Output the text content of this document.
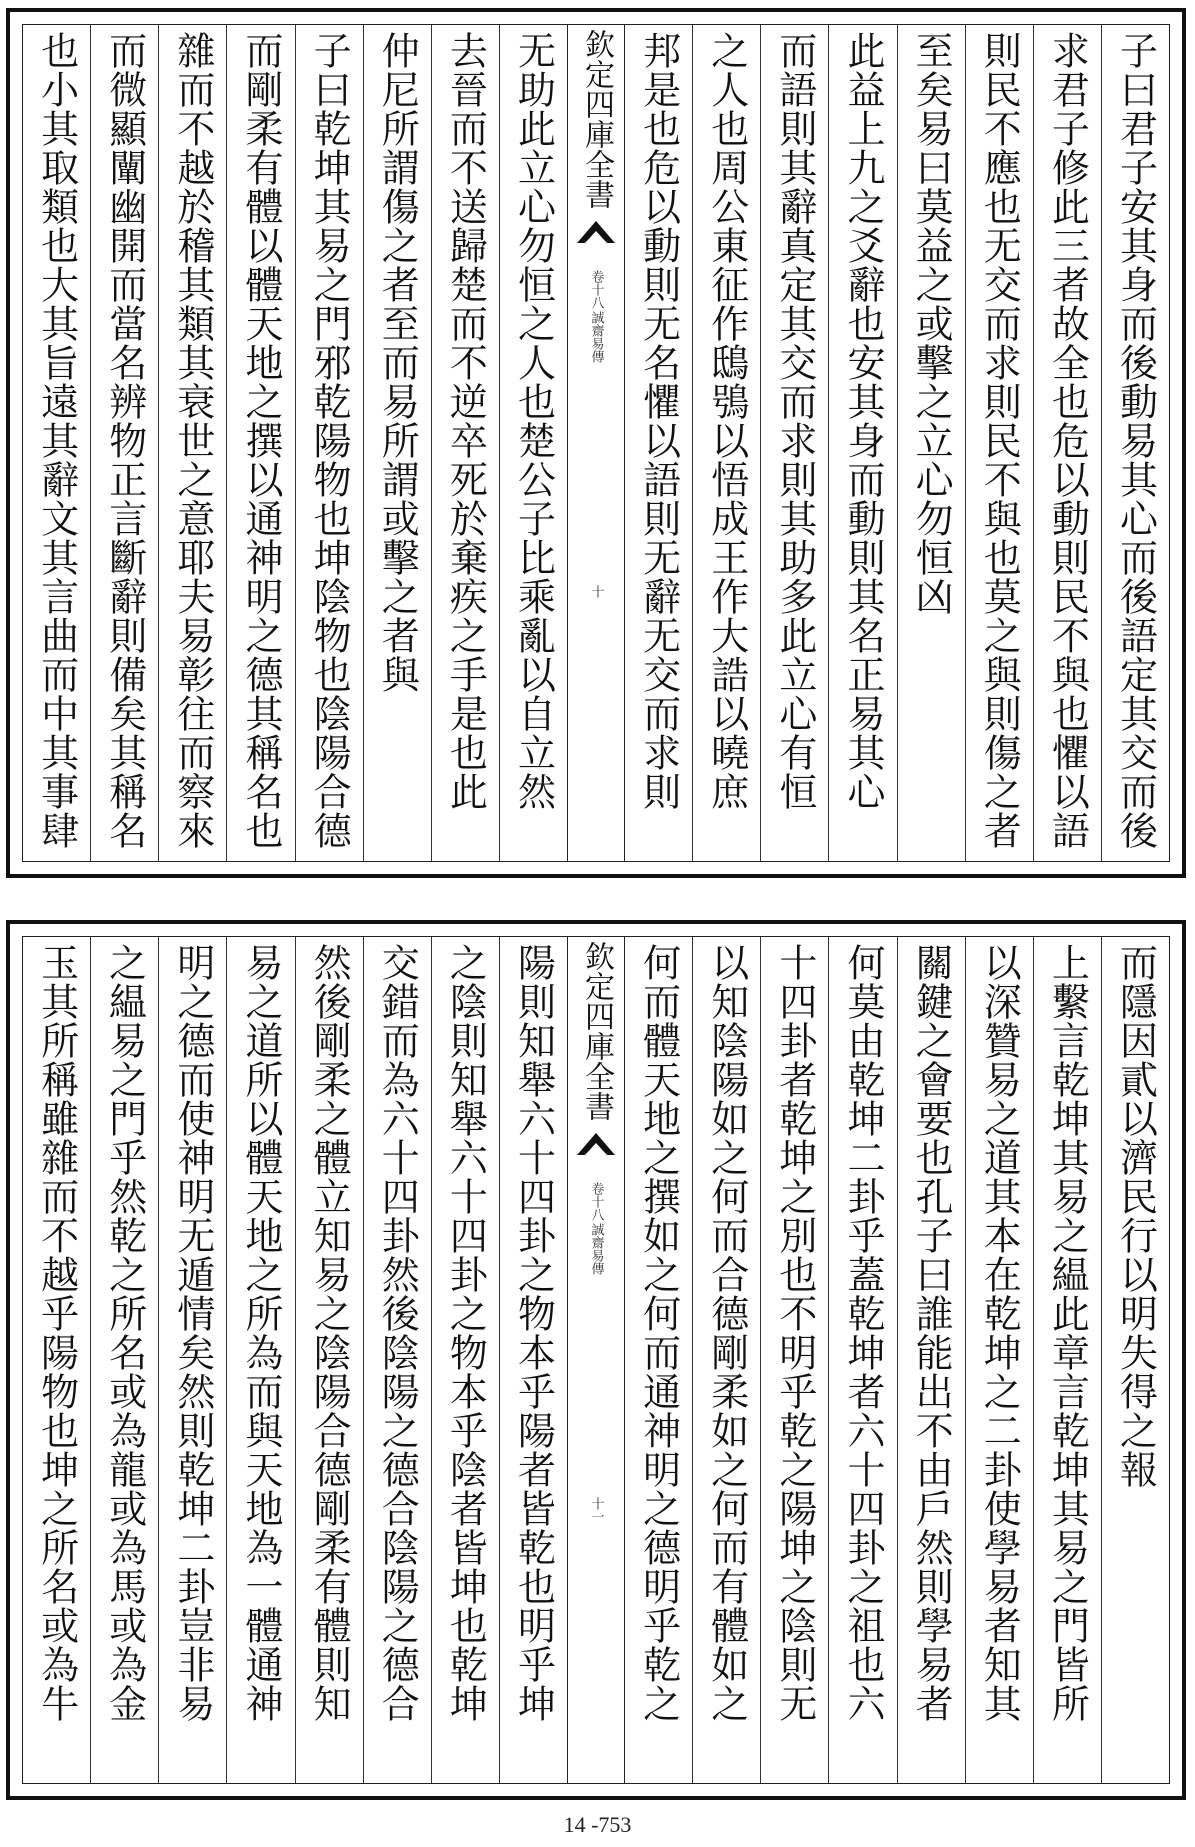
子曰君子安其身而後動易其心而後語定其交而後
求君子修此三者故全也危以動則民不與也懼以語
則民不應也无交而求則民不與也莫之與則傷之者
至矣易曰莫益之或擊之立心勿恒凶
此益上九之爻辭也安其身而動則其名正易其心
而語則其辭真定其交而求則其助多此立心有恒
之人也周公東征作鴟鴞以悟成王作大誥以曉庶
邦是也危以動則无名懼以語則无辭无交而求則
欽定四庫全書
誠齋易傳
卷十八
十
无助此立心勿恒之人也楚公子比乘亂以自立然
去晉而不送歸楚而不逆卒死於棄疾之手是也此
仲尼所謂傷之者至而易所謂或擊之者與
子曰乾坤其易之門邪乾陽物也坤陰物也陰陽合德
而剛柔有體以體天地之撰以通神明之德其稱名也
雜而不越於稽其類其衰世之意耶夫易彰往而察來
而微顯闡幽開而當名辨物正言斷辭則備矣其稱名
也小其取類也大其旨遠其辭文其言曲而中其事肆
而隱因貳以濟民行以明失得之報
上繫言乾坤其易之緼此章言乾坤其易之門皆所
以深贊易之道其本在乾坤之二卦使學易者知其
關鍵之會要也孔子曰誰能出不由戶然則學易者
何莫由乾坤二卦乎蓋乾坤者六十四卦之祖也六
十四卦者乾坤之別也不明乎乾之陽坤之陰則无
以知陰陽如之何而合德剛柔如之何而有體如之
何而體天地之撰如之何而通神明之德明乎乾之
欽定四庫全書
誠齋易傳
卷十八
十一
陽則知舉六十四卦之物本乎陽者皆乾也明乎坤
之陰則知舉六十四卦之物本乎陰者皆坤也乾坤
交錯而為六十四卦然後陰陽之德合陰陽之德合
然後剛柔之體立知易之陰陽合德剛柔有體則知
易之道所以體天地之所為而與天地為一體通神
明之德而使神明无遁情矣然則乾坤二卦豈非易
之緼易之門乎然乾之所名或為龍或為馬或為金
玉其所稱雖雜而不越乎陽物也坤之所名或為牛
14 -753
